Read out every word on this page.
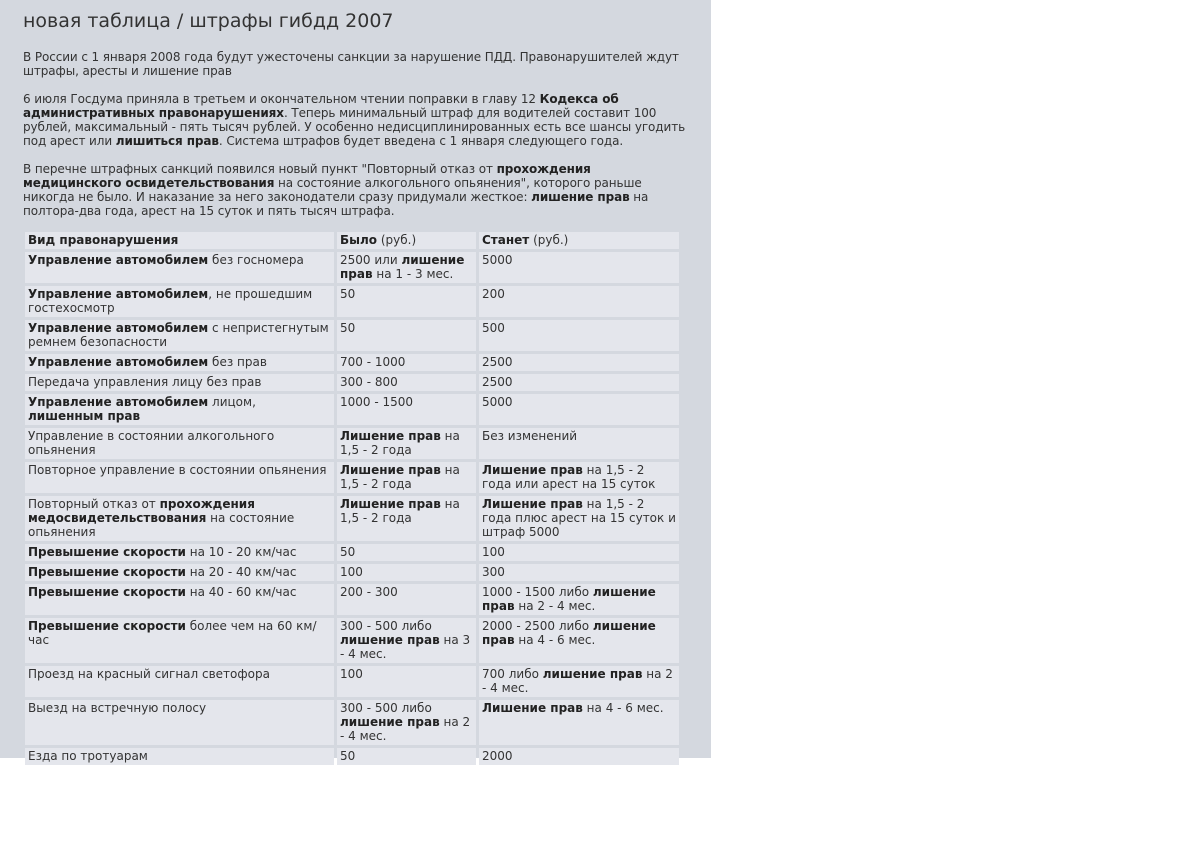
новая таблица / штрафы гибдд 2007

В России с 1 января 2008 года будут ужесточены санкции за нарушение ПДД. Правонарушителей ждут штрафы, аресты и лишение прав

6 июля Госдума приняла в третьем и окончательном чтении поправки в главу 12 Кодекса об административных правонарушениях. Теперь минимальный штраф для водителей составит 100 рублей, максимальный - пять тысяч рублей. У особенно недисциплинированных есть все шансы угодить под арест или лишиться прав. Система штрафов будет введена с 1 января следующего года.

В перечне штрафных санкций появился новый пункт "Повторный отказ от прохождения медицинского освидетельствования на состояние алкогольного опьянения", которого раньше никогда не было. И наказание за него законодатели сразу придумали жесткое: лишение прав на полтора-два года, арест на 15 суток и пять тысяч штрафа.

Вид правонарушения	Было (руб.)	Станет (руб.)
Управление автомобилем без госномера	2500 или лишение прав на 1 - 3 мес.	5000
Управление автомобилем, не прошедшим гостехосмотр	50	200
Управление автомобилем с непристегнутым ремнем безопасности	50	500
Управление автомобилем без прав	700 - 1000	2500
Передача управления лицу без прав	300 - 800	2500
Управление автомобилем лицом, лишенным прав	1000 - 1500	5000
Управление в состоянии алкогольного опьянения	Лишение прав на 1,5 - 2 года	Без изменений
Повторное управление в состоянии опьянения	Лишение прав на 1,5 - 2 года	Лишение прав на 1,5 - 2 года или арест на 15 суток
Повторный отказ от прохождения медосвидетельствования на состояние опьянения	Лишение прав на 1,5 - 2 года	Лишение прав на 1,5 - 2 года плюс арест на 15 суток и штраф 5000
Превышение скорости на 10 - 20 км/час	50	100
Превышение скорости на 20 - 40 км/час	100	300
Превышение скорости на 40 - 60 км/час	200 - 300	1000 - 1500 либо лишение прав на 2 - 4 мес.
Превышение скорости более чем на 60 км/час	300 - 500 либо лишение прав на 3 - 4 мес.	2000 - 2500 либо лишение прав на 4 - 6 мес.
Проезд на красный сигнал светофора	100	700 либо лишение прав на 2 - 4 мес.
Выезд на встречную полосу	300 - 500 либо лишение прав на 2 - 4 мес.	Лишение прав на 4 - 6 мес.
Езда по тротуарам	50	2000
